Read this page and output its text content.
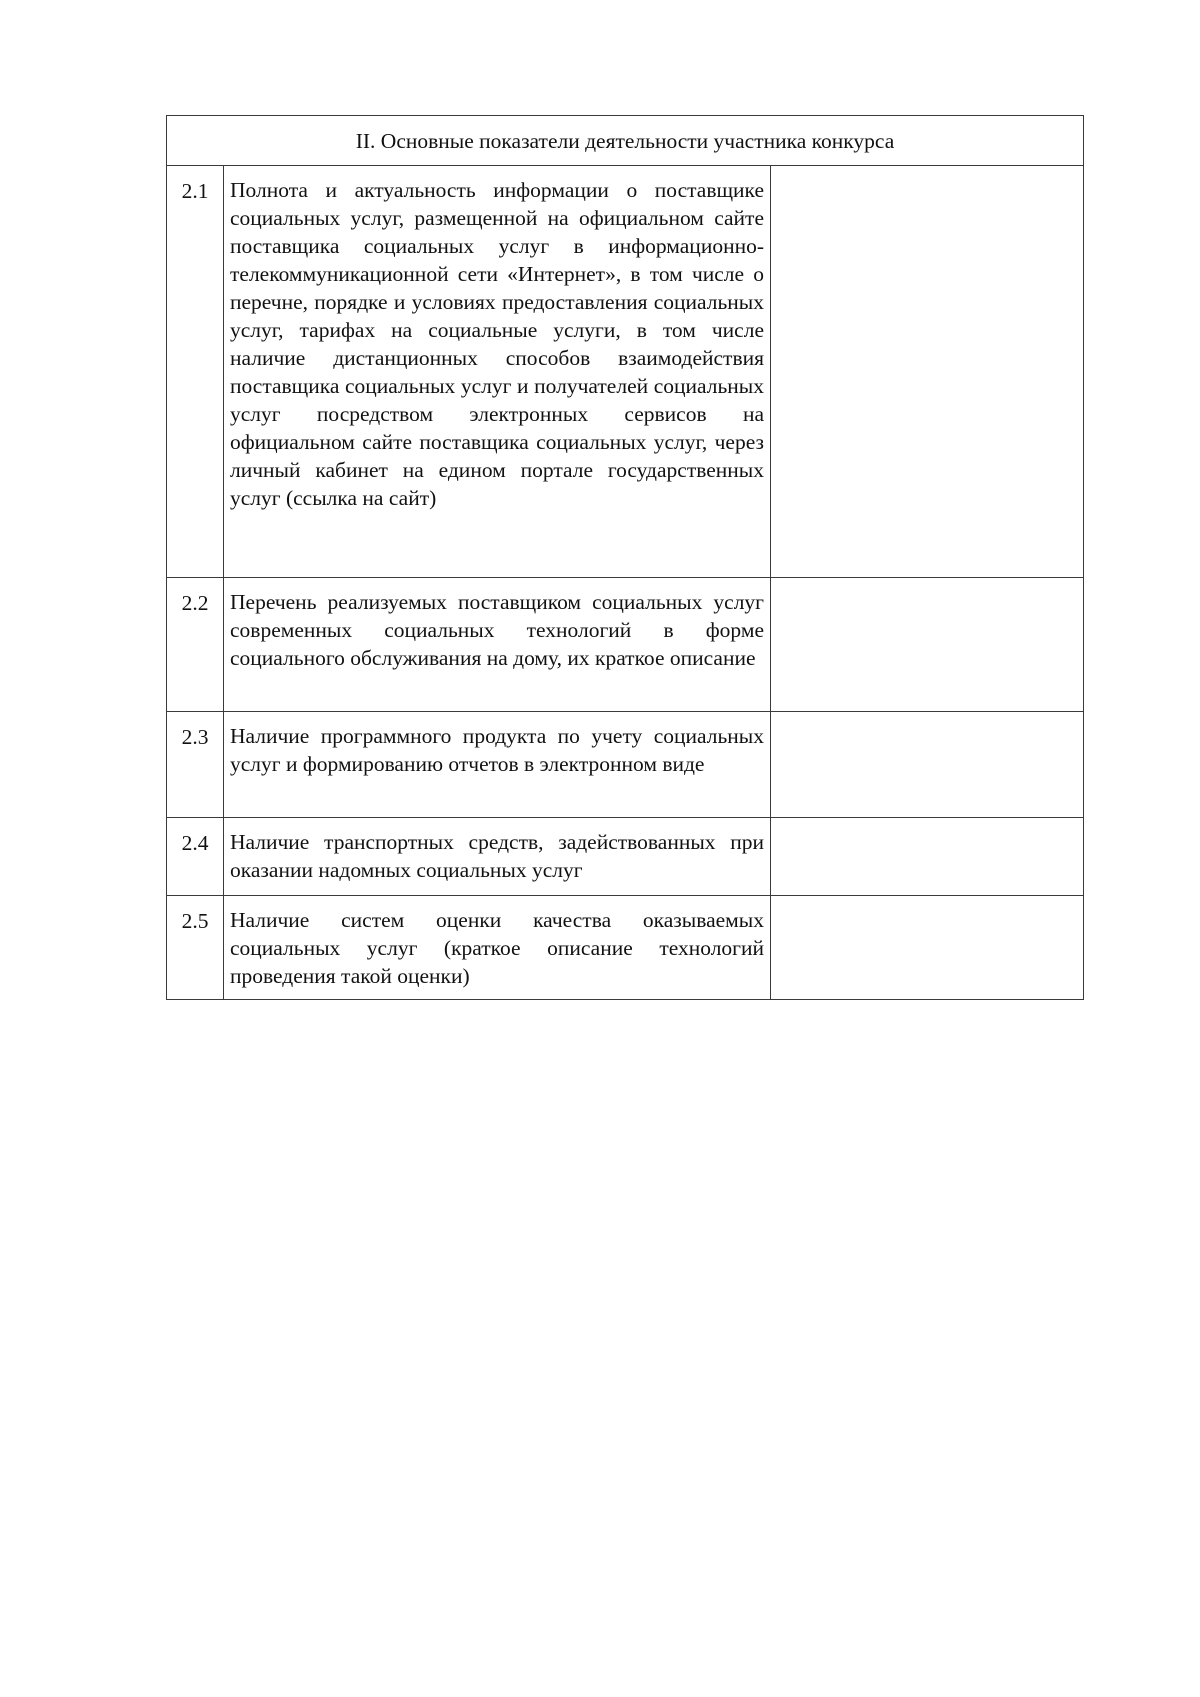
II. Основные показатели деятельности участника конкурса		
2.1	Полнота и актуальность информации о поставщике социальных услуг, размещенной на официальном сайте поставщика социальных услуг в информационно-телекоммуникационной сети «Интернет», в том числе о перечне, порядке и условиях предоставления социальных услуг, тарифах на социальные услуги, в том числе наличие дистанционных способов взаимодействия поставщика социальных услуг и получателей социальных услуг посредством электронных сервисов на официальном сайте поставщика социальных услуг, через личный кабинет на едином портале государственных услуг (ссылка на сайт)	
2.2	Перечень реализуемых поставщиком социальных услуг современных социальных технологий в форме социального обслуживания на дому, их краткое описание	
2.3	Наличие программного продукта по учету социальных услуг и формированию отчетов в электронном виде	
2.4	Наличие транспортных средств, задействованных при оказании надомных социальных услуг	
2.5	Наличие систем оценки качества оказываемых социальных услуг (краткое описание технологий проведения такой оценки)	
